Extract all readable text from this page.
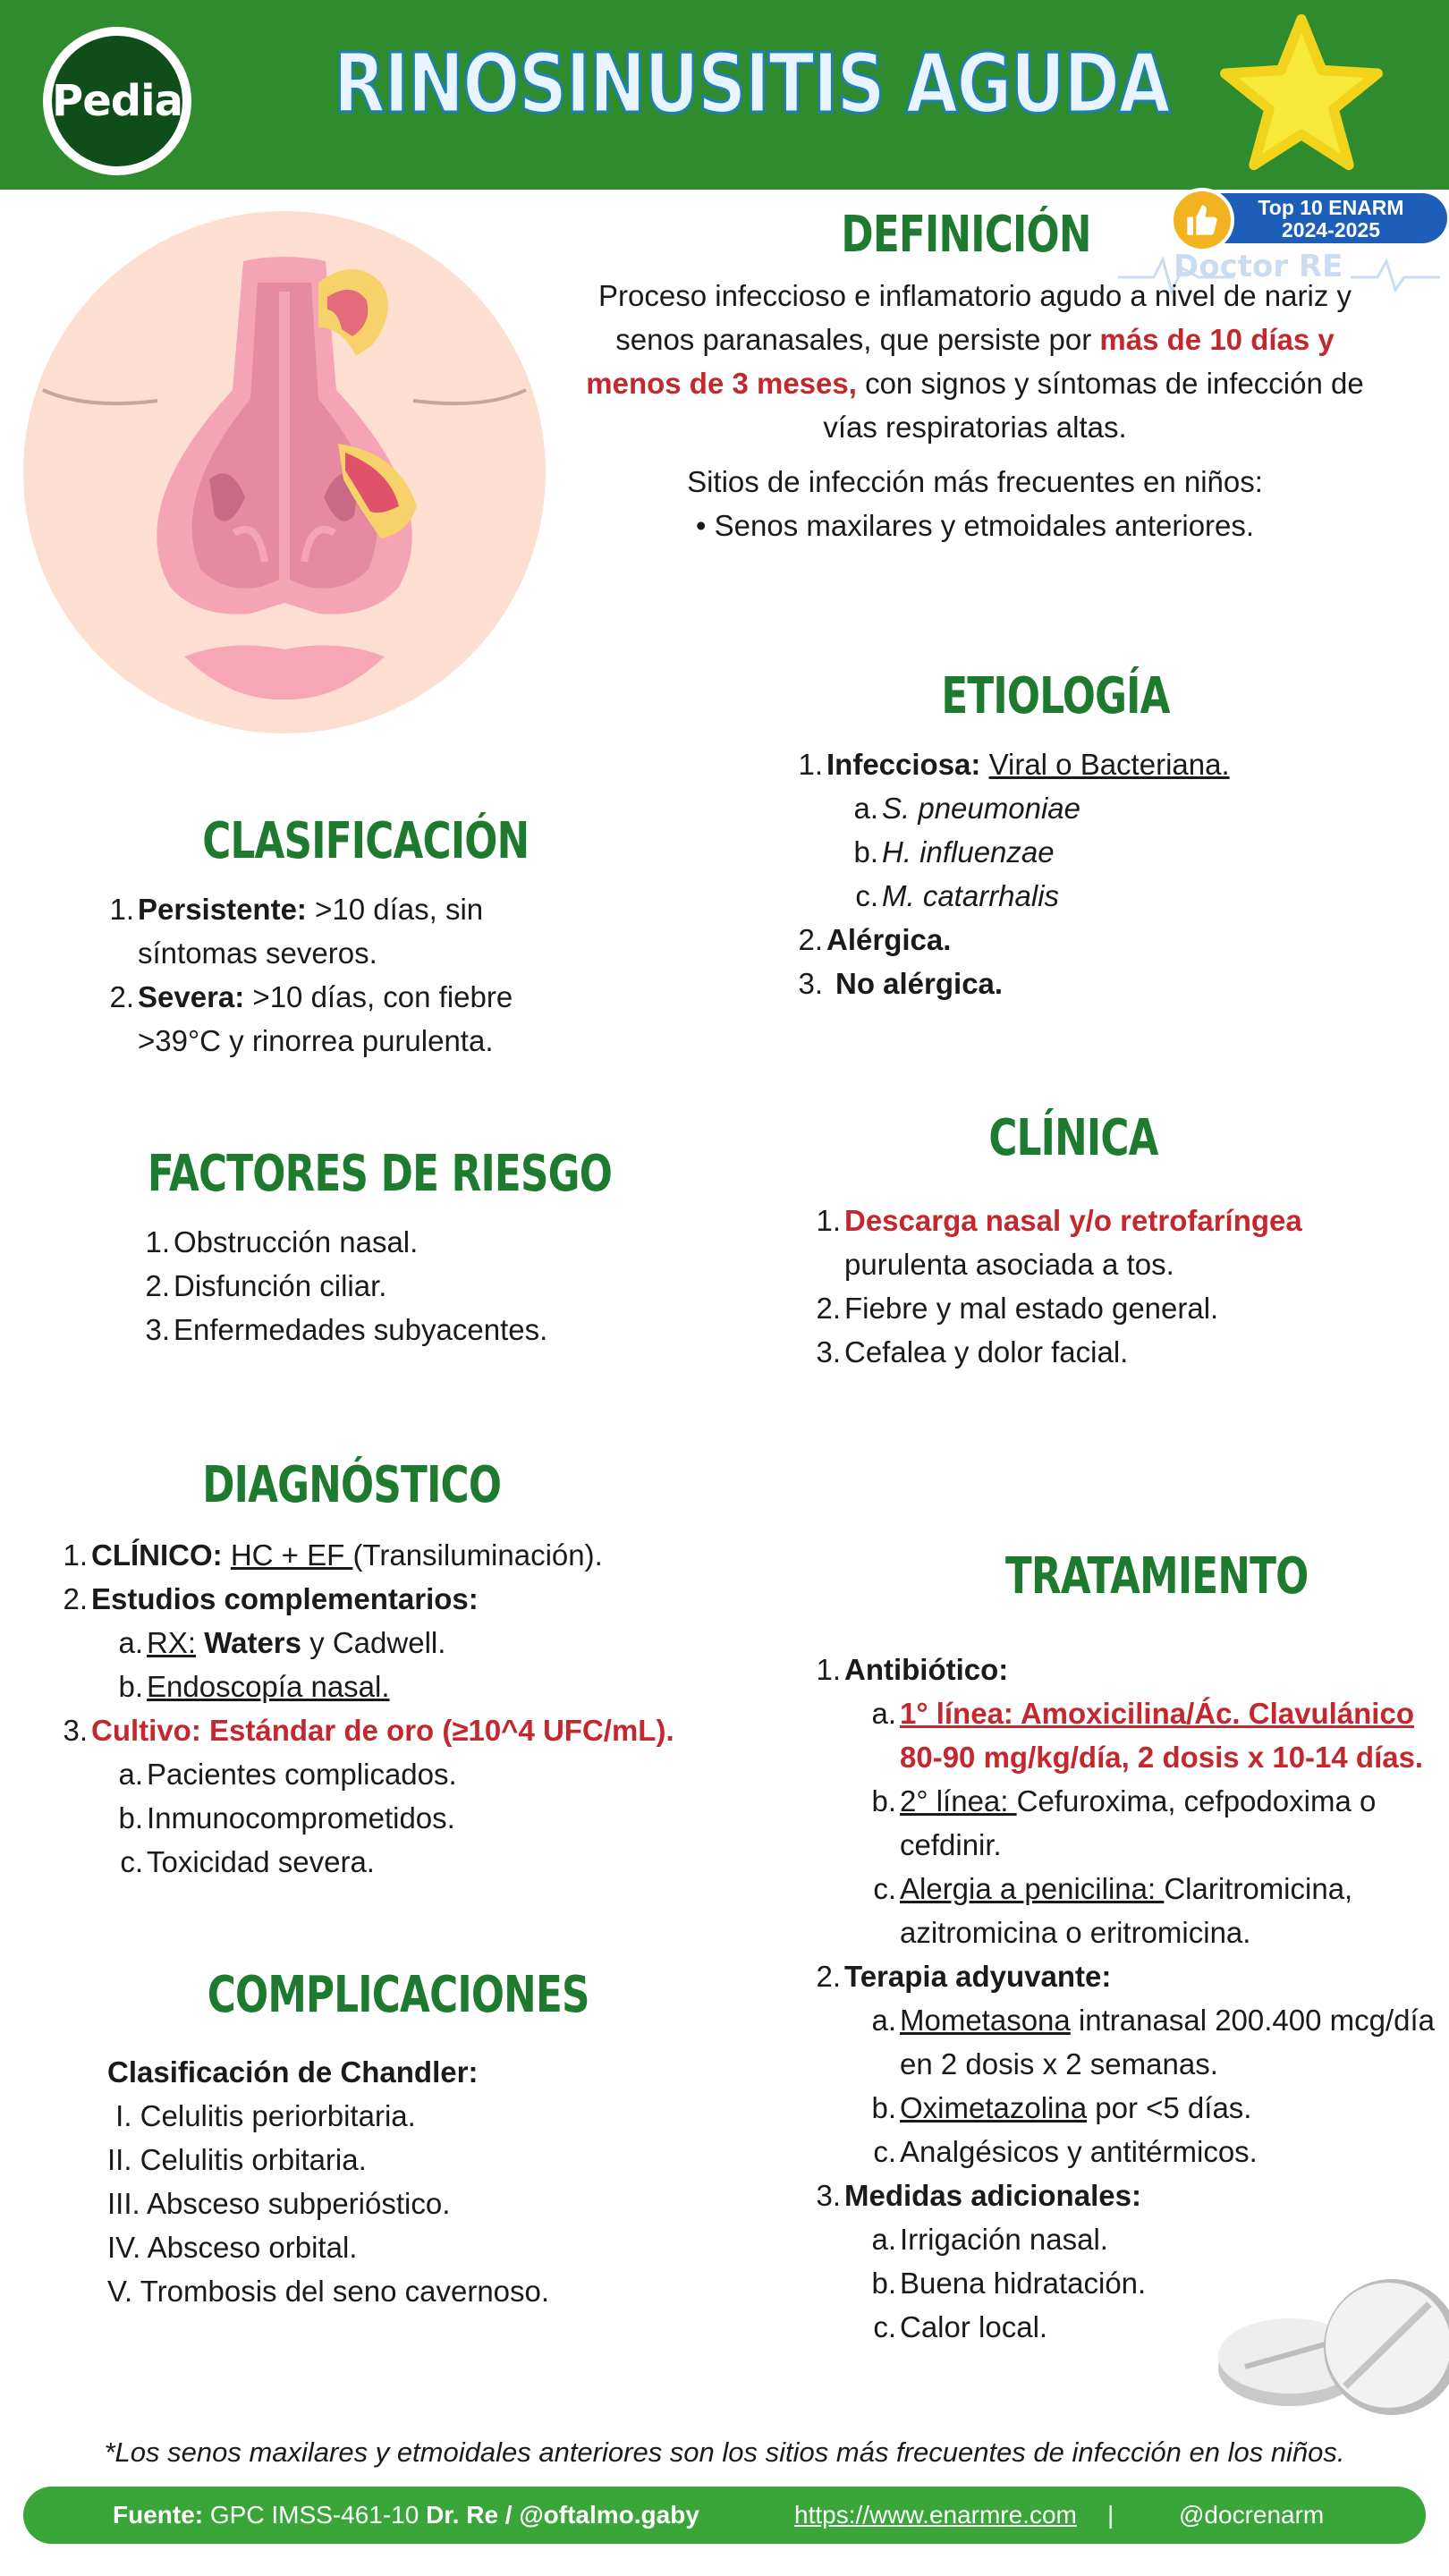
Pedia RINOSINUSITIS AGUDA
Top 10 ENARM
2024-2025
Doctor RE
DEFINICIÓN
Proceso infeccioso e inflamatorio agudo a nivel de nariz y senos paranasales, que persiste por más de 10 días y menos de 3 meses, con signos y síntomas de infección de vías respiratorias altas.
Sitios de infección más frecuentes en niños:
• Senos maxilares y etmoidales anteriores.
ETIOLOGÍA
1. Infecciosa: Viral o Bacteriana.
a. S. pneumoniae
b. H. influenzae
c. M. catarrhalis
2. Alérgica.
3. No alérgica.
CLASIFICACIÓN
1. Persistente: >10 días, sin síntomas severos.
2. Severa: >10 días, con fiebre >39°C y rinorrea purulenta.
CLÍNICA
1. Descarga nasal y/o retrofaríngea purulenta asociada a tos.
2. Fiebre y mal estado general.
3. Cefalea y dolor facial.
FACTORES DE RIESGO
1. Obstrucción nasal.
2. Disfunción ciliar.
3. Enfermedades subyacentes.
DIAGNÓSTICO
1. CLÍNICO: HC + EF (Transiluminación).
2. Estudios complementarios:
a. RX: Waters y Cadwell.
b. Endoscopía nasal.
3. Cultivo: Estándar de oro (≥10^4 UFC/mL).
a. Pacientes complicados.
b. Inmunocomprometidos.
c. Toxicidad severa.
TRATAMIENTO
1. Antibiótico:
a. 1° línea: Amoxicilina/Ác. Clavulánico 80-90 mg/kg/día, 2 dosis x 10-14 días.
b. 2° línea: Cefuroxima, cefpodoxima o cefdinir.
c. Alergia a penicilina: Claritromicina, azitromicina o eritromicina.
2. Terapia adyuvante:
a. Mometasona intranasal 200.400 mcg/día en 2 dosis x 2 semanas.
b. Oximetazolina por <5 días.
c. Analgésicos y antitérmicos.
3. Medidas adicionales:
a. Irrigación nasal.
b. Buena hidratación.
c. Calor local.
COMPLICACIONES
Clasificación de Chandler:
I. Celulitis periorbitaria.
II. Celulitis orbitaria.
III. Absceso subperióstico.
IV. Absceso orbital.
V. Trombosis del seno cavernoso.
*Los senos maxilares y etmoidales anteriores son los sitios más frecuentes de infección en los niños.
Fuente: GPC IMSS-461-10 Dr. Re / @oftalmo.gaby	https://www.enarmre.com |	@docrenarm
